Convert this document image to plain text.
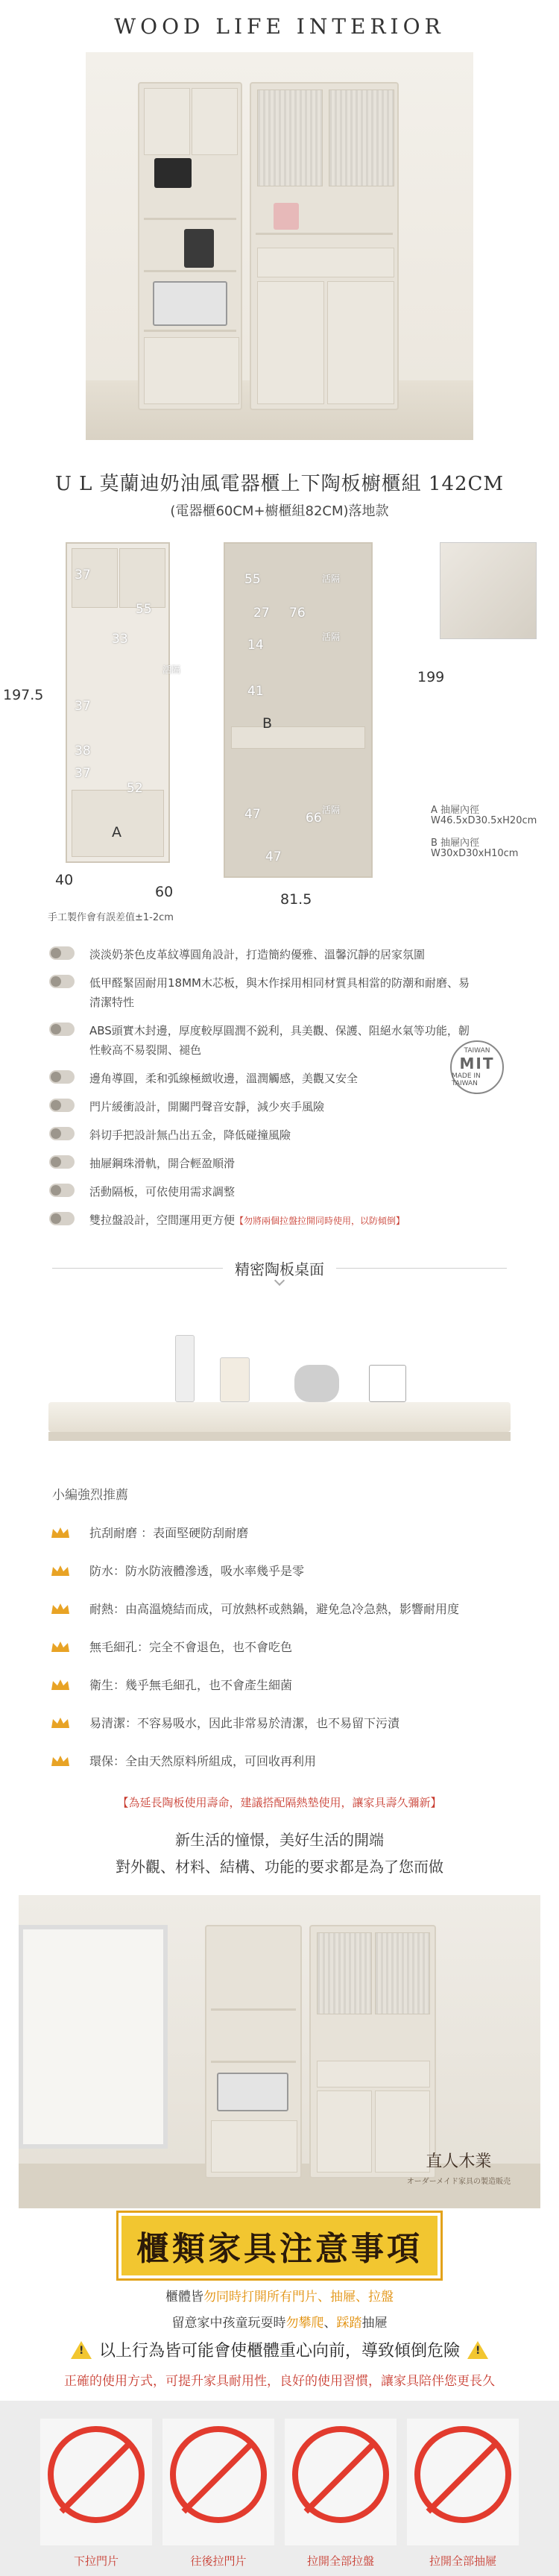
WOOD LIFE INTERIOR
U L 莫蘭迪奶油風電器櫃上下陶板櫥櫃組 142CM
(電器櫃60CM+櫥櫃組82CM)落地款
37
55
33
活隔
37
38
37
52
A
55	活隔
27 76
活隔
14
41
B
47	活隔
66
47
197.5
199
40
60	81.5
手工製作會有誤差值±1-2cm
A 抽屜內徑
W46.5xD30.5xH20cm
B 抽屜內徑
W30xD30xH10cm
淡淡奶茶色皮革紋導圓角設計，打造簡約優雅、溫馨沉靜的居家氛圍
低甲醛緊固耐用18MM木芯板，與木作採用相同材質具相當的防潮和耐磨、易清潔特性
ABS頭實木封邊，厚度較厚圓潤不鋭利，具美觀、保護、阻絕水氣等功能，韌性較高不易裂開、褪色
邊角導圓，柔和弧線極緻收邊，溫潤觸感，美觀又安全
門片緩衝設計，開關門聲音安靜，減少夾手風險
斜切手把設計無凸出五金，降低碰撞風險
抽屜鋼珠滑軌，開合輕盈順滑
活動隔板，可依使用需求調整
雙拉盤設計，空間運用更方便【勿將兩個拉盤拉開同時使用，以防傾倒】
TAIWAN
MIT
MADE IN TAIWAN
精密陶板桌面
小編強烈推薦
抗刮耐磨 ：表面堅硬防刮耐磨
防水：防水防液體滲透，吸水率幾乎是零
耐熱：由高溫燒結而成，可放熱杯或熱鍋，避免急冷急熱，影響耐用度
無毛細孔：完全不會退色，也不會吃色
衛生：幾乎無毛細孔，也不會產生細菌
易清潔：不容易吸水，因此非常易於清潔，也不易留下污漬
環保：全由天然原料所組成，可回收再利用
【為延長陶板使用壽命，建議搭配隔熱墊使用，讓家具壽久彌新】
新生活的憧憬，美好生活的開端
對外觀、材料、結構、功能的要求都是為了您而做
直人木業
オーダーメイド家具の製造販売
櫃類家具注意事項
櫃體皆勿同時打開所有門片、抽屜、拉盤
留意家中孩童玩耍時勿攀爬、踩踏抽屜
!
以上行為皆可能會使櫃體重心向前，導致傾倒危險
!
正確的使用方式，可提升家具耐用性，良好的使用習慣，讓家具陪伴您更長久
下拉門片	往後拉門片	拉開全部拉盤	拉開全部抽屜
